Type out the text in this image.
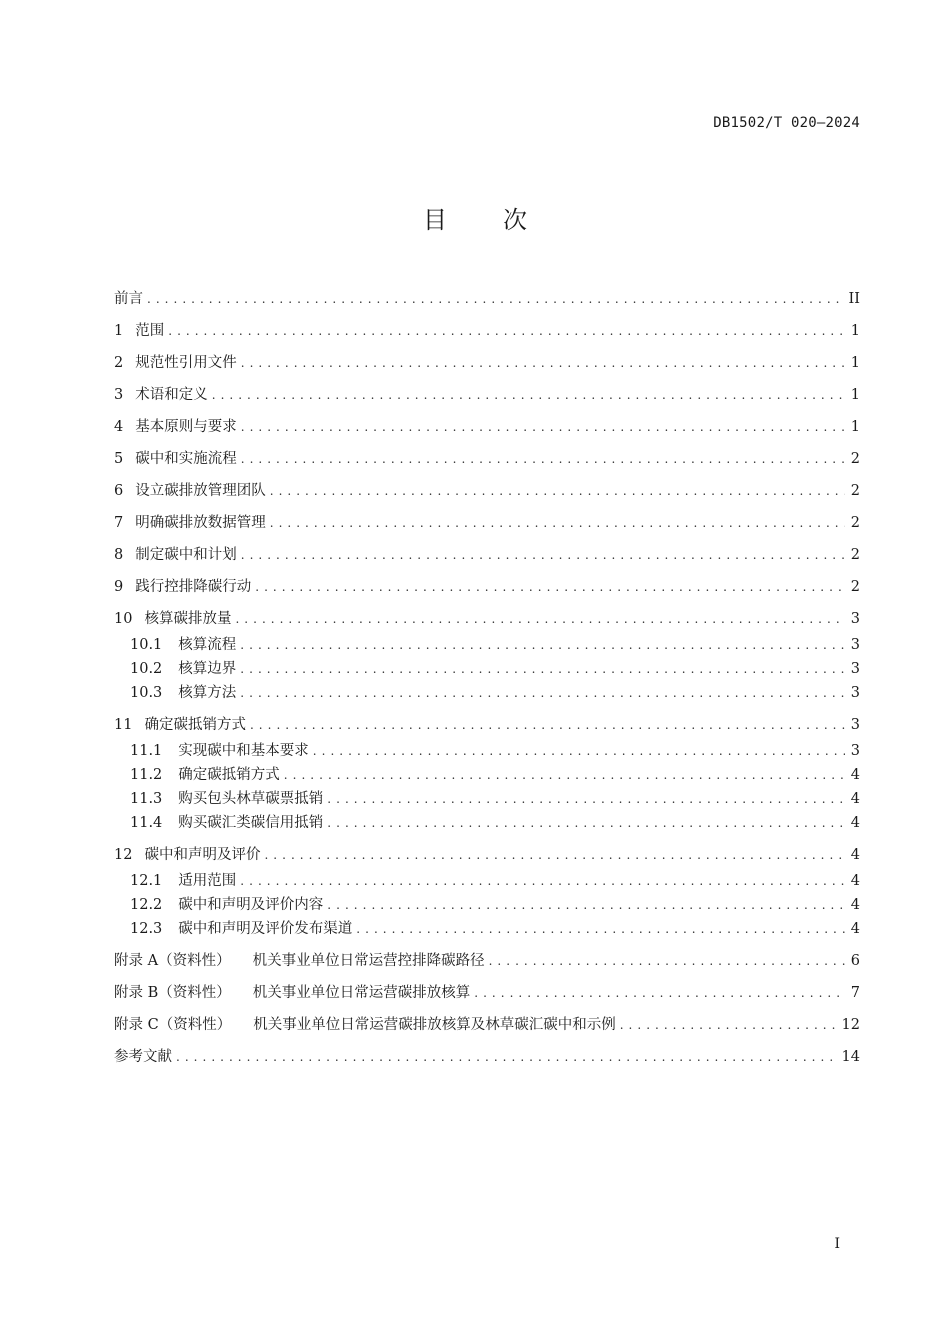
DB1502/T 020—2024
目次
前言 . . .	II
1 范围 . . .	1
2 规范性引用文件 . . .	1
3 术语和定义 . . .	1
4 基本原则与要求 . . .	1
5 碳中和实施流程 . . .	2
6 设立碳排放管理团队 . . .	2
7 明确碳排放数据管理 . . .	2
8 制定碳中和计划 . . .	2
9 践行控排降碳行动 . . .	2
10 核算碳排放量 . . .	3
10.1 核算流程 . . .	3
10.2 核算边界 . . .	3
10.3 核算方法 . . .	3
11 确定碳抵销方式 . . .	3
11.1 实现碳中和基本要求 . . .	3
11.2 确定碳抵销方式 . . .	4
11.3 购买包头林草碳票抵销 . . .	4
11.4 购买碳汇类碳信用抵销 . . .	4
12 碳中和声明及评价 . . .	4
12.1 适用范围 . . .	4
12.2 碳中和声明及评价内容 . . .	4
12.3 碳中和声明及评价发布渠道 . . .	4
附录 A（资料性） 机关事业单位日常运营控排降碳路径 . . .	6
附录 B（资料性） 机关事业单位日常运营碳排放核算 . . .	7
附录 C（资料性） 机关事业单位日常运营碳排放核算及林草碳汇碳中和示例 . . .	12
参考文献 . . .	14
I
